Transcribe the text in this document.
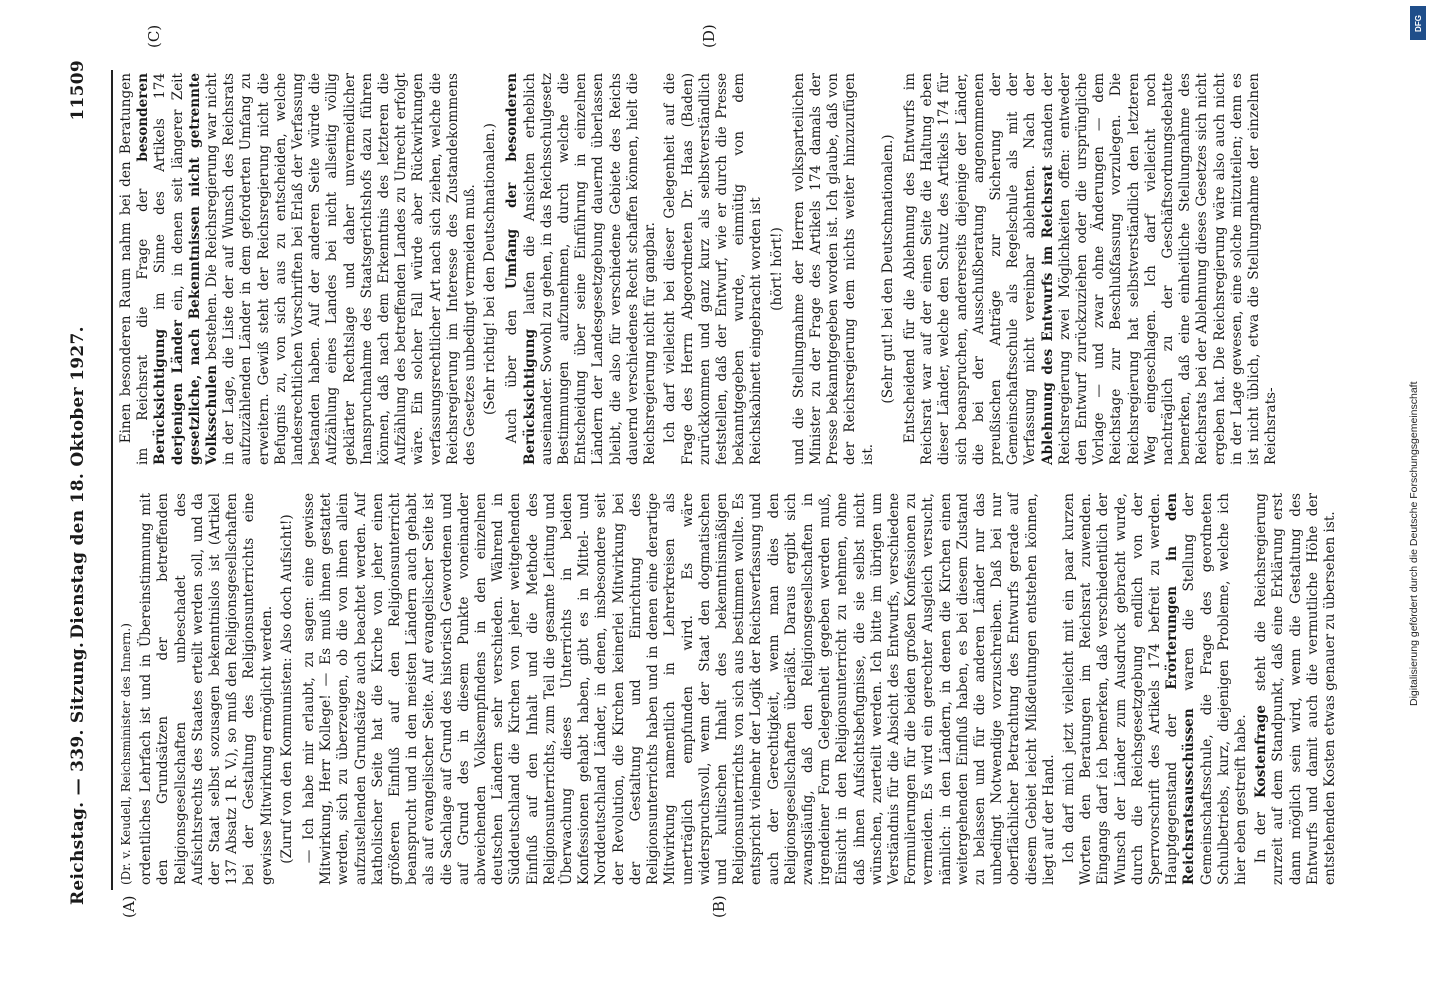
Reichstag. — 339. Sitzung.
Dienstag den 18. Oktober 1927.
11509
(A)	(B)
(C)	(D)

(Dr. v. Keudell, Reichsminister des Innern.) ordentliches Lehrfach ist und in Übereinstimmung mit den Grundsätzen der betreffenden Religionsgesellschaften unbeschadet des Aufsichtsrechts des Staates erteilt werden soll, und da der Staat selbst sozusagen bekenntnislos ist (Artikel 137 Absatz 1 R. V.), so muß den Religionsgesellschaften bei der Gestaltung des Religionsunterrichts eine gewisse Mitwirkung ermöglicht werden. (Zuruf von den Kommunisten: Also doch Aufsicht!) — Ich habe mir erlaubt, zu sagen: eine gewisse Mitwirkung, Herr Kollege! — Es muß ihnen gestattet werden, sich zu überzeugen, ob die von ihnen allein aufzustellenden Grundsätze auch beachtet werden. Auf katholischer Seite hat die Kirche von jeher einen größeren Einfluß auf den Religionsunterricht beansprucht und in den meisten Ländern auch gehabt als auf evangelischer Seite. Auf evangelischer Seite ist die Sachlage auf Grund des historisch Gewordenen und auf Grund des in diesem Punkte voneinander abweichenden Volksempfindens in den einzelnen deutschen Ländern sehr verschieden. Während in Süddeutschland die Kirchen von jeher weitgehenden Einfluß auf den Inhalt und die Methode des Religionsunterrichts, zum Teil die gesamte Leitung und Überwachung dieses Unterrichts in beiden Konfessionen gehabt haben, gibt es in Mittel- und Norddeutschland Länder, in denen, insbesondere seit der Revolution, die Kirchen keinerlei Mitwirkung bei der Gestaltung und Einrichtung des Religionsunterrichts haben und in denen eine derartige Mitwirkung namentlich in Lehrerkreisen als unerträglich empfunden wird. Es wäre widerspruchsvoll, wenn der Staat den dogmatischen und kultischen Inhalt des bekenntnismäßigen Religionsunterrichts von sich aus bestimmen wollte. Es entspricht vielmehr der Logik der Reichsverfassung und auch der Gerechtigkeit, wenn man dies den Religionsgesellschaften überläßt. Daraus ergibt sich zwangsläufig, daß den Religionsgesellschaften in irgendeiner Form Gelegenheit gegeben werden muß, Einsicht in den Religionsunterricht zu nehmen, ohne daß ihnen Aufsichtsbefugnisse, die sie selbst nicht wünschen, zuerteilt werden. Ich bitte im übrigen um Verständnis für die Absicht des Entwurfs, verschiedene Formulierungen für die beiden großen Konfessionen zu vermeiden. Es wird ein gerechter Ausgleich versucht, nämlich: in den Ländern, in denen die Kirchen einen weitergehenden Einfluß haben, es bei diesem Zustand zu belassen und für die anderen Länder nur das unbedingt Notwendige vorzuschreiben. Daß bei nur oberflächlicher Betrachtung des Entwurfs gerade auf diesem Gebiet leicht Mißdeutungen entstehen können, liegt auf der Hand. Ich darf mich jetzt vielleicht mit ein paar kurzen Worten den Beratungen im Reichsrat zuwenden. Eingangs darf ich bemerken, daß verschiedentlich der Wunsch der Länder zum Ausdruck gebracht wurde, durch die Reichsgesetzgebung endlich von der Sperrvorschrift des Artikels 174 befreit zu werden. Hauptgegenstand der Erörterungen in den Reichsratsausschüssen waren die Stellung der Gemeinschaftsschule, die Frage des geordneten Schulbetriebs, kurz, diejenigen Probleme, welche ich hier eben gestreift habe. In der Kostenfrage steht die Reichsregierung zurzeit auf dem Standpunkt, daß eine Erklärung erst dann möglich sein wird, wenn die Gestaltung des Entwurfs und damit auch die vermutliche Höhe der entstehenden Kosten etwas genauer zu übersehen ist.

Einen besonderen Raum nahm bei den Beratungen im Reichsrat die Frage der besonderen Berücksichtigung im Sinne des Artikels 174 derjenigen Länder ein, in denen seit längerer Zeit gesetzliche, nach Bekenntnissen nicht getrennte Volksschulen bestehen. Die Reichsregierung war nicht in der Lage, die Liste der auf Wunsch des Reichsrats aufzuzählenden Länder in dem geforderten Umfang zu erweitern. Gewiß steht der Reichsregierung nicht die Befugnis zu, von sich aus zu entscheiden, welche landesrechtlichen Vorschriften bei Erlaß der Verfassung bestanden haben. Auf der anderen Seite würde die Aufzählung eines Landes bei nicht allseitig völlig geklärter Rechtslage und daher unvermeidlicher Inanspruchnahme des Staatsgerichtshofs dazu führen können, daß nach dem Erkenntnis des letzteren die Aufzählung des betreffenden Landes zu Unrecht erfolgt wäre. Ein solcher Fall würde aber Rückwirkungen verfassungsrechtlicher Art nach sich ziehen, welche die Reichsregierung im Interesse des Zustandekommens des Gesetzes unbedingt vermeiden muß. (Sehr richtig! bei den Deutschnationalen.) Auch über den Umfang der besonderen Berücksichtigung laufen die Ansichten erheblich auseinander. Sowohl zu gehen, in das Reichsschulgesetz Bestimmungen aufzunehmen, durch welche die Entscheidung über seine Einführung in einzelnen Ländern der Landesgesetzgebung dauernd überlassen bleibt, die also für verschiedene Gebiete des Reichs dauernd verschiedenes Recht schaffen können, hielt die Reichsregierung nicht für gangbar. Ich darf vielleicht bei dieser Gelegenheit auf die Frage des Herrn Abgeordneten Dr. Haas (Baden) zurückkommen und ganz kurz als selbstverständlich feststellen, daß der Entwurf, wie er durch die Presse bekanntgegeben wurde, einmütig von dem Reichskabinett eingebracht worden ist (hört! hört!) und die Stellungnahme der Herren volksparteilichen Minister zu der Frage des Artikels 174 damals der Presse bekanntgegeben worden ist. Ich glaube, daß von der Reichsregierung dem nichts weiter hinzuzufügen ist.

(Sehr gut! bei den Deutschnationalen.) Entscheidend für die Ablehnung des Entwurfs im Reichsrat war auf der einen Seite die Haltung eben dieser Länder, welche den Schutz des Artikels 174 für sich beanspruchen, andererseits diejenige der Länder, die bei der Ausschußberatung angenommenen preußischen Anträge zur Sicherung der Gemeinschaftsschule als Regelschule als mit der Verfassung nicht vereinbar ablehnten. Nach der Ablehnung des Entwurfs im Reichsrat standen der Reichsregierung zwei Möglichkeiten offen: entweder den Entwurf zurückzuziehen oder die ursprüngliche Vorlage — und zwar ohne Änderungen — dem Reichstage zur Beschlußfassung vorzulegen. Die Reichsregierung hat selbstverständlich den letzteren Weg eingeschlagen. Ich darf vielleicht noch nachträglich zu der Geschäftsordnungsdebatte bemerken, daß eine einheitliche Stellungnahme des Reichsrats bei der Ablehnung dieses Gesetzes sich nicht ergeben hat. Die Reichsregierung wäre also auch nicht in der Lage gewesen, eine solche mitzuteilen; denn es ist nicht üblich, etwa die Stellungnahme der einzelnen Reichsrats-

DFG
Digitalisierung gefördert durch die Deutsche Forschungsgemeinschaft
